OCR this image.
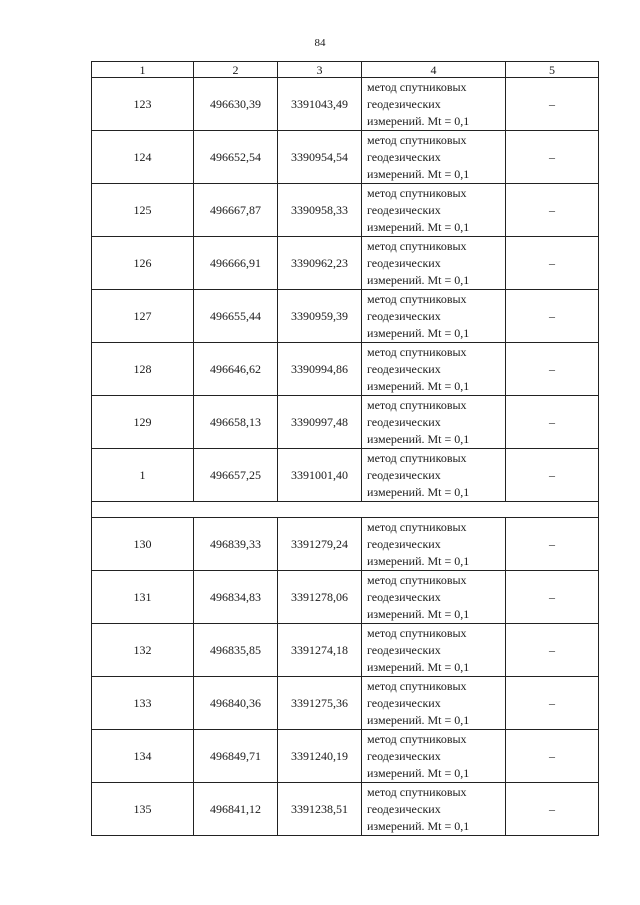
84
1	2	3	4	5
123	496630,39	3391043,49	метод спутниковых
геодезических
измерений. Mt = 0,1	–
124	496652,54	3390954,54	метод спутниковых
геодезических
измерений. Mt = 0,1	–
125	496667,87	3390958,33	метод спутниковых
геодезических
измерений. Mt = 0,1	–
126	496666,91	3390962,23	метод спутниковых
геодезических
измерений. Mt = 0,1	–
127	496655,44	3390959,39	метод спутниковых
геодезических
измерений. Mt = 0,1	–
128	496646,62	3390994,86	метод спутниковых
геодезических
измерений. Mt = 0,1	–
129	496658,13	3390997,48	метод спутниковых
геодезических
измерений. Mt = 0,1	–
1	496657,25	3391001,40	метод спутниковых
геодезических
измерений. Mt = 0,1	–

130	496839,33	3391279,24	метод спутниковых
геодезических
измерений. Mt = 0,1	–
131	496834,83	3391278,06	метод спутниковых
геодезических
измерений. Mt = 0,1	–
132	496835,85	3391274,18	метод спутниковых
геодезических
измерений. Mt = 0,1	–
133	496840,36	3391275,36	метод спутниковых
геодезических
измерений. Mt = 0,1	–
134	496849,71	3391240,19	метод спутниковых
геодезических
измерений. Mt = 0,1	–
135	496841,12	3391238,51	метод спутниковых
геодезических
измерений. Mt = 0,1	–
